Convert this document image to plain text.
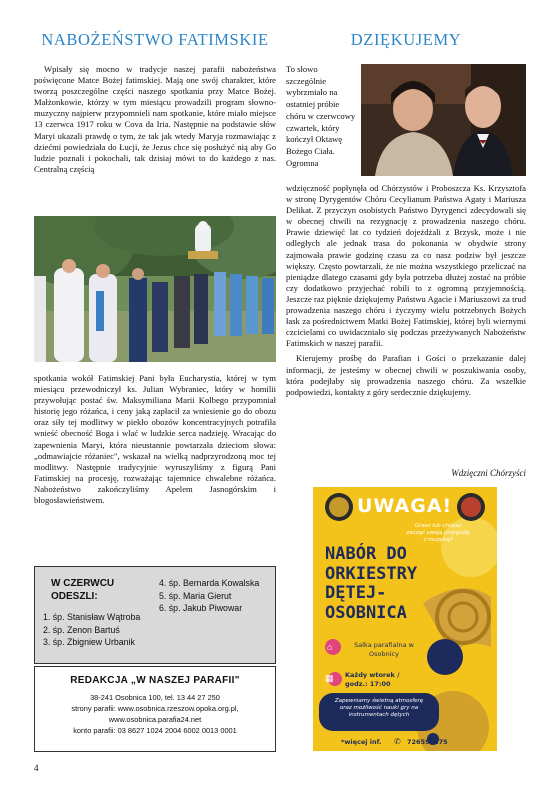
NABOŻEŃSTWO FATIMSKIE

Wpisały się mocno w tradycje naszej parafii nabożeństwa poświęcone Matce Bożej fatimskiej. Mają one swój charakter, które tworzą poszczególne części naszego spotkania przy Matce Bożej. Małżonkowie, którzy w tym miesiącu prowadzili program słowno-muzyczny najpierw przypomnieli nam spotkanie, które miało miejsce 13 czerwca 1917 roku w Cova da Iria. Następnie na podstawie słów Maryi ukazali prawdę o tym, że tak jak wtedy Maryja rozmawiając z dziećmi powiedziała do Łucji, że Jezus chce się posłużyć nią aby Go ludzie poznali i pokochali, tak dzisiaj mówi to do każdego z nas. Centralną częścią

spotkania wokół Fatimskiej Pani była Eucharystia, której w tym miesiącu przewodniczył ks. Julian Wybraniec, który w homilii przywołując postać św. Maksymiliana Marii Kolbego przypomniał historię jego różańca, i ceny jaką zapłacił za wniesienie go do obozu oraz siły tej modlitwy w piekło obozów koncentracyjnych potrafiła wnieść obecność Boga i wlać w ludzkie serca nadzieję. Wracając do zapewnienia Maryi, która nieustannie powtarzała dzieciom słowa: „odmawiajcie różaniec", wskazał na wielką nadprzyrodzoną moc tej modlitwy. Następnie tradycyjnie wyruszyliśmy z figurą Pani Fatimskiej na procesję, rozważając tajemnice chwalebne różańca. Nabożeństwo zakończyliśmy Apelem Jasnogórskim i błogosławieństwem.

W CZERWCU
ODESZLI:
1. śp. Stanisław Wątroba
2. śp. Zenon Bartuś
3. śp. Zbigniew Urbanik
4. śp. Bernarda Kowalska
5. śp. Maria Gierut
6. śp. Jakub Piwowar
REDAKCJA „W NASZEJ PARAFII"
38-241 Osobnica 100, tel. 13 44 27 250
strony parafii: www.osobnica.rzeszow.opoka.org.pl,
www.osobnica.parafia24.net
konto parafii: 03 8627 1024 2004 6002 0013 0001
DZIĘKUJEMY

To słowo szczególnie wybrzmiało na ostatniej próbie chóru w czerwcowy czwartek, który kończył Oktawę Bożego Ciała. Ogromna

wdzięczność popłynęła od Chórzystów i Proboszcza Ks. Krzysztofa w stronę Dyrygentów Chóru Cecylianum Państwa Agaty i Mariusza Delikat. Z przyczyn osobistych Państwo Dyrygenci zdecydowali się w obecnej chwili na rezygnację z prowadzenia naszego chóru. Prawie dziewięć lat co tydzień dojeżdżali z Brzysk, może i nie odległych ale jednak trasa do pokonania w obydwie strony zajmowała prawie godzinę czasu za co nasz podziw był jeszcze większy. Często powtarzali, że nie można wszystkiego przeliczać na pieniądze dlatego czasami gdy była potrzeba dłużej zostać na próbie czy dodatkowo przyjechać robili to z ogromną przyjemnością. Jeszcze raz pięknie dziękujemy Państwu Agacie i Mariuszowi za trud prowadzenia naszego chóru i życzymy wielu potrzebnych Bożych łask za pośrednictwem Matki Bożej Fatimskiej, której byli wiernymi czcicielami co uwidaczniało się podczas przeżywanych Nabożeństw Fatimskich w naszej parafii.

Kierujemy prośbę do Parafian i Gości o przekazanie dalej informacji, że jesteśmy w obecnej chwili w poszukiwania osoby, która podejłaby się prowadzenia naszego chóru. Za wszelkie podpowiedzi, kontakty z góry serdecznie dziękujemy.

Wdzięczni Chórzyści
UWAGA!
Grasz lub chcesz zacząć swoją przygodę z muzyką?
NABÓR DO
ORKIESTRY
DĘTEJ-
OSOBNICA
⌂	Salka parafialna w Osobnicy
▦ Każdy wtorek /
godz.: 17:00
Zapewniamy świetną atmosferę oraz możliwość nauki gry na instrumentach dętych
*więcej inf. ✆ 726590675
4
